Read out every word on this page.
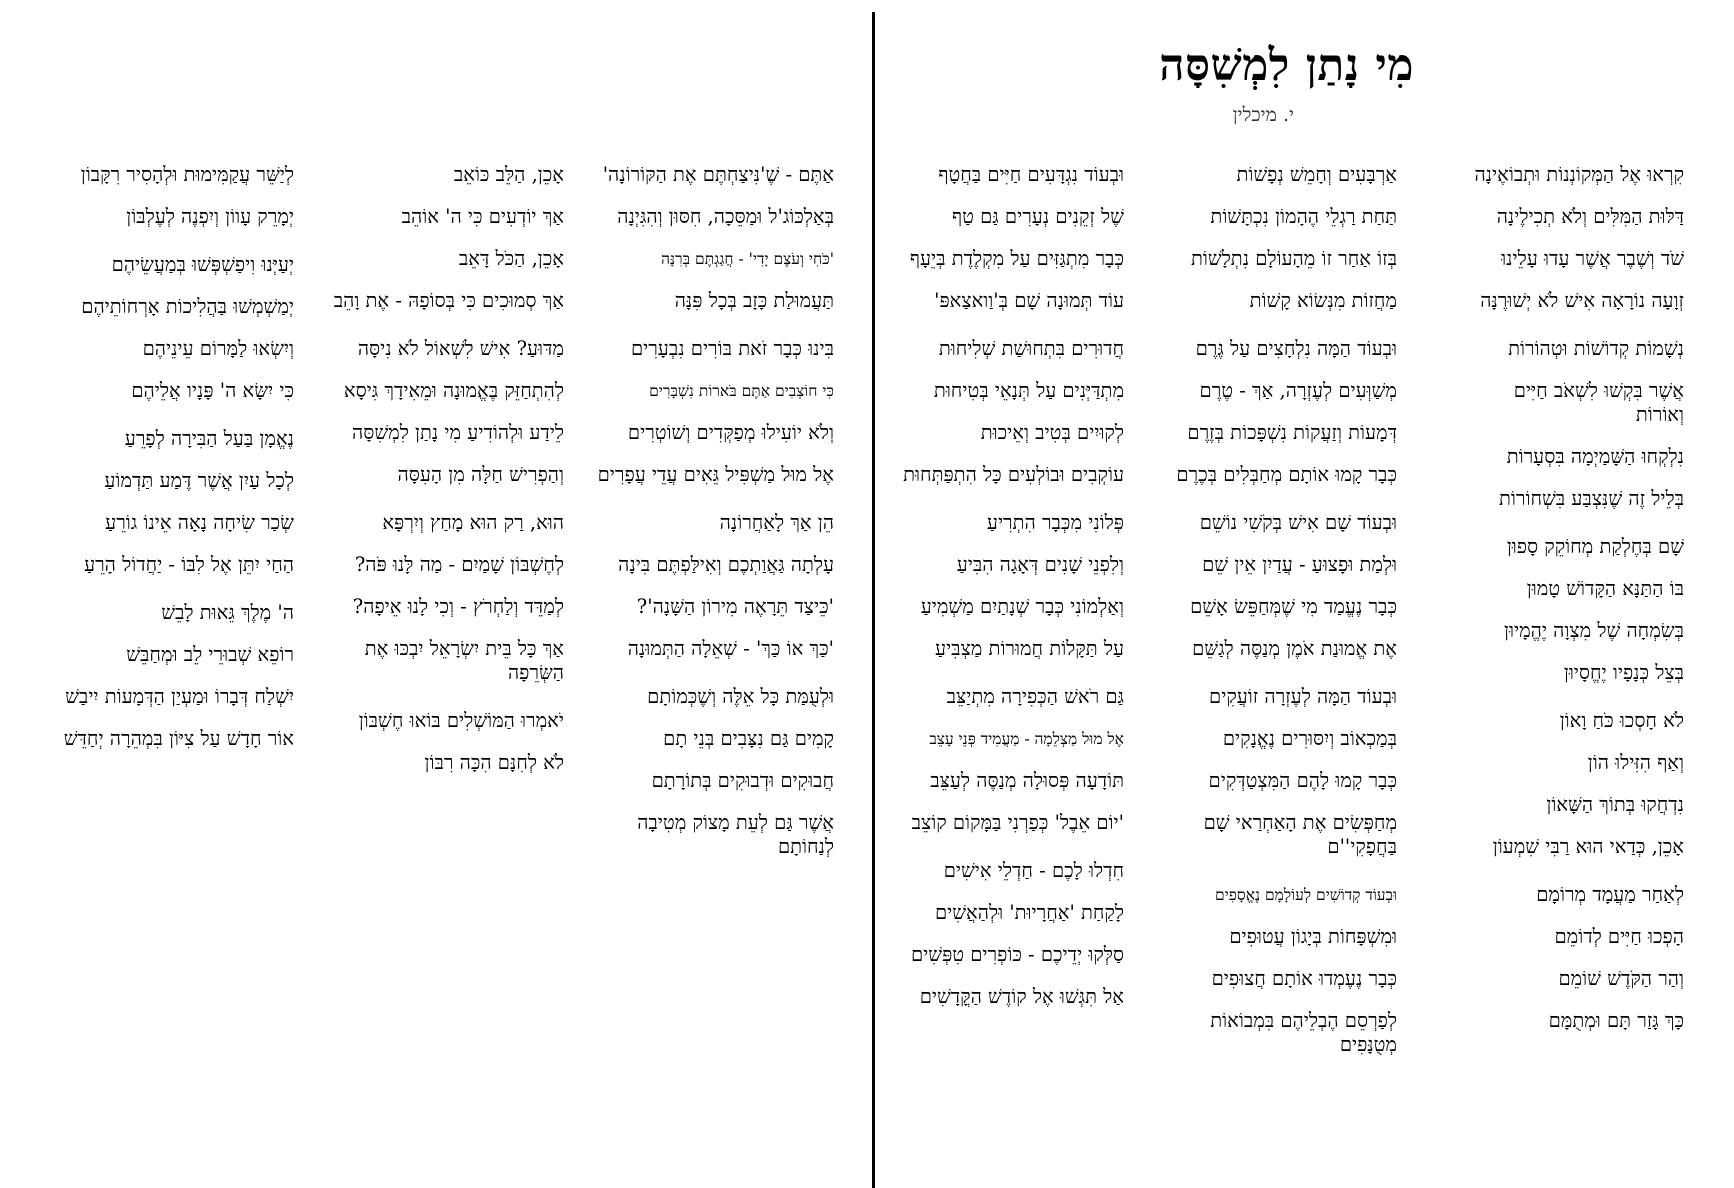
מִי נָתַן לִמְשִׁסָּה
י. מיכלין
קִרְאוּ אֶל הַמְּקוֹנְנוֹת וּתְבוֹאֶינָה
דַּלּוּת הַמִּלִּים וְלֹא תְכִילֶינָה
שֹׁד וְשֶׁבֶר אֲשֶׁר עָדוּ עָלֵינוּ
זְוָעָה נוֹרָאָה אִישׁ לֹא יְשׁוּרֶנָּה
נְשָׁמוֹת קְדוֹשׁוֹת וּטְהוֹרוֹת
אֲשֶׁר בִּקְשׁוּ לִשְׁאֹב חַיִּים וְאוֹרוֹת
נִלְקְחוּ הַשָּׁמַיְמָה בִּסְעָרוֹת
בְּלֵיל זֶה שֶׁנִּצְבַּע בִּשְׁחוֹרוֹת
שָׁם בְּחֶלְקַת מְחוֹקֵק סָפוּן
בּוֹ הַתַּנָּא הַקָּדוֹשׁ טָמוּן
בְּשִׂמְחָה שֶׁל מִצְוָה יֶהֱמָיוּן
בְּצֵל כְּנָפָיו יֶחֱסָיוּן
לֹא חָסְכוּ כֹּחַ וָאוֹן
וְאַף הִזִּילוּ הוֹן
נִדְחֲקוּ בְּתוֹךְ הַשָּׁאוֹן
אָכֵן, כְּדַאי הוּא רַבִּי שִׁמְעוֹן
לְאַחַר מַעֲמָד מְרוֹמָם
הָפְכוּ חַיִּים לְדוֹמֵם
וְהַר הַקֹּדֶשׁ שׁוֹמֵם
כָּךְ גָּזַר תָּם וּמְתֻמָּם
אַרְבָּעִים וְחָמֵשׁ נְפָשׁוֹת
תַּחַת רַגְלֵי הֶהָמוֹן נִכְתָּשׁוֹת
בְּזוֹ אַחַר זוֹ מֵהָעוֹלָם נִתְלָשׁוֹת
מַחֲזוֹת מִנְּשׂוֹא קָשׁוֹת
וּבְעוֹד הַמָּה נִלְחָצִים עַל גֶּרֶם
מְשַׁוְּעִים לְעֶזְרָה, אַךְ - טֶרֶם
דְּמָעוֹת וְזַעֲקוֹת נִשְׁפָּכוֹת בְּזֶרֶם
כְּבָר קָמוּ אוֹתָם מְחַבְּלִים בְּכֶרֶם
וּבְעוֹד שָׁם אִישׁ בְּקֹשִׁי נוֹשֵׁם
וּלְמַת וּפָצוּעַ - עֲדַיִן אֵין שֵׁם
כְּבָר נֶעֱמַד מִי שֶׁמְּחַפֵּשׂ אָשֵׁם
אֶת אֱמוּנַת אֹמֶן מְנַסֶּה לְגַשֵּׁם
וּבְעוֹד הַמָּה לְעֶזְרָה זוֹעֲקִים
בְּמַכְאוֹב וְיִסּוּרִים נֶאֱנָקִים
כְּבָר קָמוּ לָהֶם הַמִּצְטַדְּקִים
מְחַפְּשִׂים אֶת הָאַחְרַאי שָׁם בַּחֲפָקִי''ם
וּבְעוֹד קְדוֹשִׁים לְעוֹלָמָם נֶאֱסָפִים
וּמִשְׁפָּחוֹת בְּיָגוֹן עֲטוּפִים
כְּבָר נֶעֶמְדוּ אוֹתָם חֲצוּפִים
לְפַרְסֵם הֶבְלֵיהֶם בִּמְבוֹאוֹת מְטֻנָּפִים
וּבְעוֹד נִגְדָּעִים חַיִּים בַּחֲטָף
שֶׁל זְקֵנִים נְעָרִים גַּם טַף
כְּבָר מִתְגַּזִּים עַל מִקְלֶדֶת בְּיֵעָף
עוֹד תְּמוּנָה שָׁם בְּ'וַואצַאפּ'
חֲדוּרִים בִּתְחוּשַׁת שְׁלִיחוּת
מִתְדַּיְּנִים עַל תְּנָאֵי בְּטִיחוּת
לְקוּיִים בְּטִיב וְאֵיכוּת
עוֹקְבִים וּבוֹלְעִים כָּל הִתְפַּתְּחוּת
פְּלוֹנִי מִכְּבָר הִתְרִיעַ
וְלִפְנֵי שָׁנִים דְּאָגָה הִבִּיעַ
וְאַלְמוֹנִי כְּבָר שְׁנָתַיִם מַשְׁמִיעַ
עַל תַּקָּלוֹת חֲמוּרוֹת מַצְבִּיעַ
גַּם רֹאשׁ הַכְּפִירָה מִתְיַצֵּב
אֶל מוּל מַצְלֵמָה - מַעֲמִיד פְּנֵי עָצֵב
תּוֹדָעָה פְּסוּלָה מְנַסֶּה לְעַצֵּב
'יוֹם אֵבֶל' כְּפַרְנִי בַּמָּקוֹם קוֹצֵב
חִדְלוּ לָכֶם - חַדְלֵי אִישִׁים
לָקַחַת 'אַחֲרָיוּת' וּלְהַאֲשִׁים
סַלְּקוּ יְדֵיכֶם - כּוֹפְרִים טִפְּשִׁים
אַל תִּגְּשׁוּ אֶל קוֹדֶשׁ הַקֳּדָשִׁים
אַתֶּם - שֶׁ'נִּיצַחְתֶּם אֶת הַקּוֹרוֹנָה'
בְּאַלְכּוֹג'ל וּמַסֵּכָה, חִסּוּן וְהִגִּיְנָה
'כֹּחִי וְעֹצֶם יָדִי' - חֲגַגְתֶּם בְּרִנָּה
תַּעֲמוּלַת כָּזָב בְּכָל פִּנָּה
בִּינוּ כְּבָר זֹאת בּוֹרִים נִבְעָרִים
כִּי חוֹצְבִים אַתֶּם בֹּארוֹת נִשְׁבָּרִים
וְלֹא יוֹעִילוּ מְפַקְּדִים וְשׁוֹטְרִים
אֶל מוּל מַשְׁפִּיל גֵּאִים עֲדֵי עֲפָרִים
הֵן אַךְ לָאַחֲרוֹנָה
עָלְתָה גַּאֲוַתְכֶם וְאִילַּפְתֶּם בִּינָה
'כֵּיצַד תֵּרָאֶה מִירוֹן הַשָּׁנָה'?
'כַּךְ אוֹ כַּךְ' - שְׁאֵלָה הַתְּמוּנָה
וּלְעֻמַּת כָּל אֵלֶּה וְשֶׁכְּמוֹתָם
קָמִים גַּם נִצָּבִים בְּנֵי תָם
חֲבוּקִים וּדְבוּקִים בְּתוֹרָתָם
אֲשֶׁר גַּם לְעֵת מָצוֹק מְטִיבָה לְנַחוֹתָם
אָכֵן, הַלֵּב כּוֹאֵב
אַךְ יוֹדְעִים כִּי ה' אוֹהֵב
אָכֵן, הַכֹּל דָּאֵב
אַךְ סְמוּכִים כִּי בְּסוֹפָהּ - אֶת וָהֵב
מַדּוּעַ? אִישׁ לִשְׁאוֹל לֹא נִיסָּה
לְהִתְחַזֵּק בֶּאֱמוּנָה וּמֵאִידָךְ גִּיסָא
לֵידַע וּלְהוֹדִיעַ מִי נָתַן לִמְשִׁסָּה
וְהַפְרִישׁ חַלָּה מִן הָעִסָּה
הוּא, רַק הוּא מָחַץ וְיִרְפָּא
לְחֶשְׁבּוֹן שָׁמַיִם - מַה לָּנוּ פֹּה?
לְמַדֵּד וְלַחְרֹץ - וְכִי לָנוּ אֵיפָה?
אַךְ כָּל בֵּית יִשְׂרָאֵל יִבְכּוּ אֶת הַשְּׂרֵפָה
יֹאמְרוּ הַמּוֹשְׁלִים בּוֹאוּ חֶשְׁבּוֹן
לֹא לְחִנָּם הִכָּה רִבּוֹן
לְיַשֵּׁר עֲקַמִּימוּת וּלְהָסִיר רִקָּבוֹן
יְמָרֵק עָווֹן וְיִפְנֶה לְעֶלְבּוֹן
יְעַיְּנוּ וִיפַשְׁפְּשׁוּ בְּמַעֲשֵׂיהֶם
יְמַשְׁמְשׁוּ בַּהֲלִיכוֹת אָרְחוֹתֵיהֶם
וְיִשְׂאוּ לַמָּרוֹם עֵינֵיהֶם
כִּי יִשָּׂא ה' פָּנָיו אֲלֵיהֶם
נֶאֱמָן בַּעַל הַבִּירָה לְפָרֵעַ
לְכָל עַיִן אֲשֶׁר דֶּמַע תַּדְמוֹעַ
שְׂכַר שִׂיחָה נָאָה אֵינוֹ גוֹרֵעַ
הַחַי יִתֵּן אֶל לִבּוֹ - יַחֲדוֹל הָרֵעַ
ה' מֶלֶךְ גֵּאוּת לָבֵשׁ
רוֹפֵא שְׁבוּרֵי לֵב וּמְחַבֵּשׁ
יִשְׁלַח דְּבָרוֹ וּמַעְיַן הַדְּמָעוֹת יִיבַשׁ
אוֹר חָדָשׁ עַל צִיּוֹן בִּמְהֵרָה יְחַדֵּשׁ
